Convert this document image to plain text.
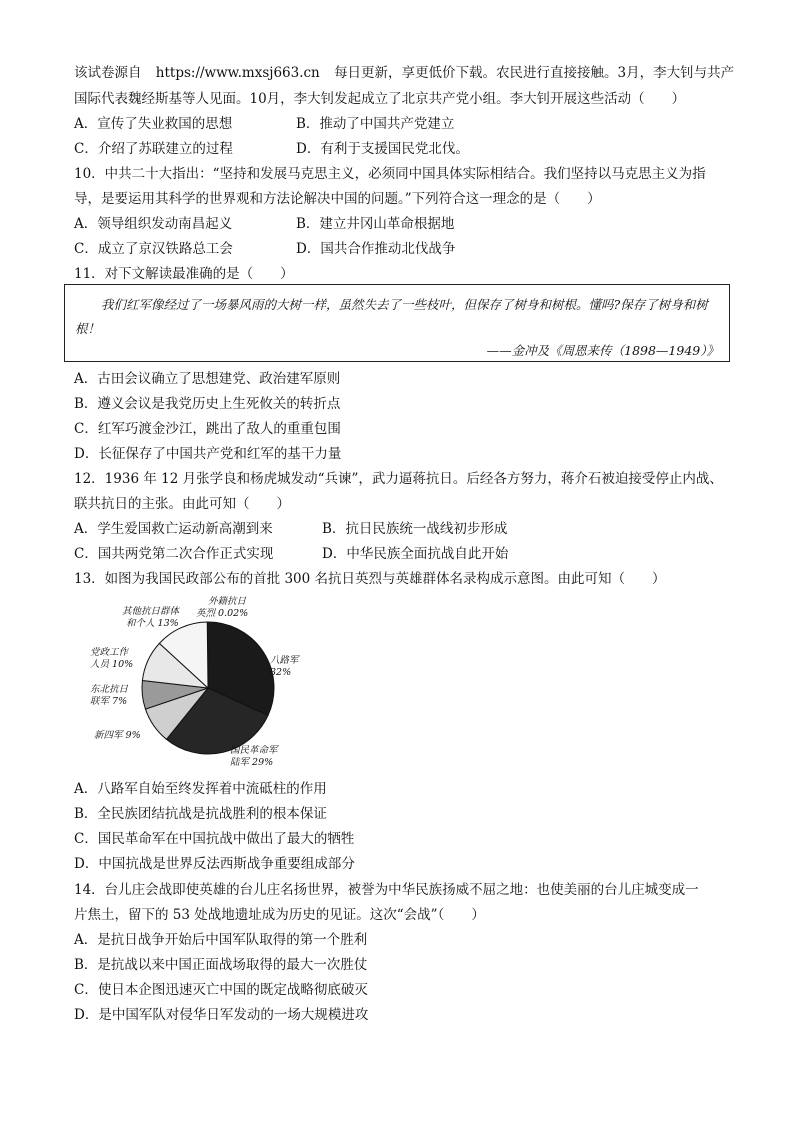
该试卷源自 https://www.mxsj663.cn 每日更新，享更低价下载。农民进行直接接触。3月，李大钊与共产
国际代表魏经斯基等人见面。10月，李大钊发起成立了北京共产党小组。李大钊开展这些活动（　　）
A．宣传了失业救国的思想	B．推动了中国共产党建立
C．介绍了苏联建立的过程	D．有利于支援国民党北伐。
10．中共二十大指出：“坚持和发展马克思主义，必须同中国具体实际相结合。我们坚持以马克思主义为指
导，是要运用其科学的世界观和方法论解决中国的问题。”下列符合这一理念的是（　　）
A．领导组织发动南昌起义	B．建立井冈山革命根据地
C．成立了京汉铁路总工会	D．国共合作推动北伐战争
11．对下文解读最准确的是（　　）
我们红军像经过了一场暴风雨的大树一样，虽然失去了一些枝叶，但保存了树身和树根。懂吗?保存了树身和树根！
——金冲及《周恩来传（1898—1949）》
A．古田会议确立了思想建党、政治建军原则
B．遵义会议是我党历史上生死攸关的转折点
C．红军巧渡金沙江，跳出了敌人的重重包围
D．长征保存了中国共产党和红军的基干力量
12．1936 年 12 月张学良和杨虎城发动“兵谏”，武力逼蒋抗日。后经各方努力，蒋介石被迫接受停止内战、
联共抗日的主张。由此可知（　　）
A．学生爱国救亡运动新高潮到来	B．抗日民族统一战线初步形成
C．国共两党第二次合作正式实现	D．中华民族全面抗战自此开始
13．如图为我国民政部公布的首批 300 名抗日英烈与英雄群体名录构成示意图。由此可知（　　）
外籍抗日
英烈 0.02%
其他抗日群体
和个人 13%
八路军
32%
党政工作
人员 10%
东北抗日
联军 7%
新四军 9%
国民革命军
陆军 29%
A．八路军自始至终发挥着中流砥柱的作用
B．全民族团结抗战是抗战胜利的根本保证
C．国民革命军在中国抗战中做出了最大的牺牲
D．中国抗战是世界反法西斯战争重要组成部分
14．台儿庄会战即使英雄的台儿庄名扬世界，被誉为中华民族扬威不屈之地：也使美丽的台儿庄城变成一
片焦土，留下的 53 处战地遗址成为历史的见证。这次“会战”（　　）
A．是抗日战争开始后中国军队取得的第一个胜利
B．是抗战以来中国正面战场取得的最大一次胜仗
C．使日本企图迅速灭亡中国的既定战略彻底破灭
D．是中国军队对侵华日军发动的一场大规模进攻
